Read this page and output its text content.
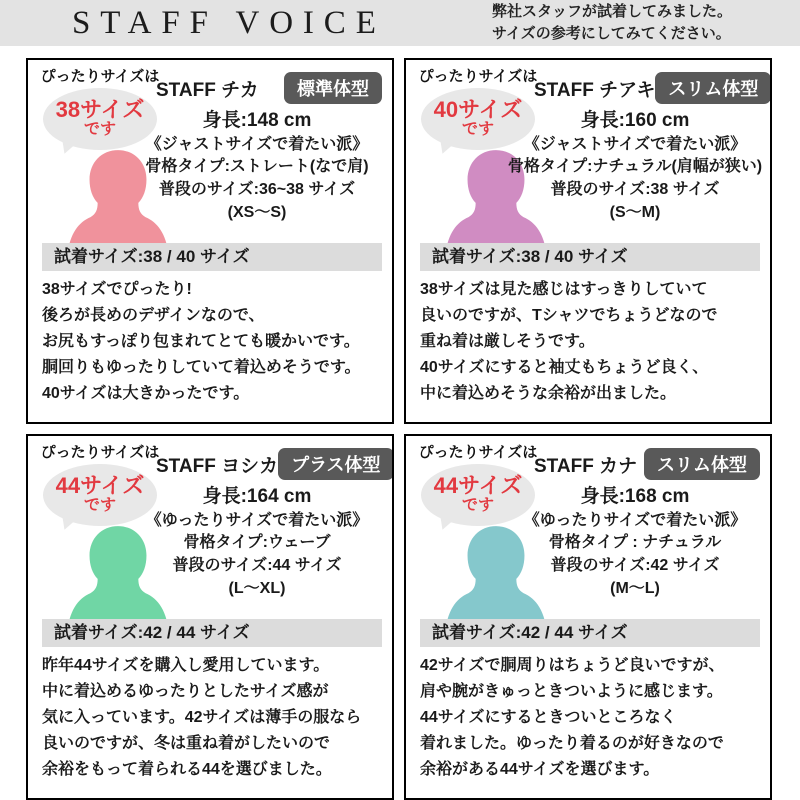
STAFF VOICE	弊社スタッフが試着してみました。
サイズの参考にしてみてください。
ぴったりサイズは
38サイズ
です
STAFF チカ	標準体型
身長:148 cm
《ジャストサイズで着たい派》
骨格タイプ:ストレート(なで肩)
普段のサイズ:36~38 サイズ
(XS〜S)
試着サイズ:38 / 40 サイズ
38サイズでぴったり!
後ろが長めのデザインなので、
お尻もすっぽり包まれてとても暖かいです。
胴回りもゆったりしていて着込めそうです。
40サイズは大きかったです。
ぴったりサイズは
40サイズ
です
STAFF チアキ スリム体型
身長:160 cm
《ジャストサイズで着たい派》
骨格タイプ:ナチュラル(肩幅が狭い)
普段のサイズ:38 サイズ
(S〜M)
試着サイズ:38 / 40 サイズ
38サイズは見た感じはすっきりしていて
良いのですが、Tシャツでちょうどなので
重ね着は厳しそうです。
40サイズにすると袖丈もちょうど良く、
中に着込めそうな余裕が出ました。
ぴったりサイズは
44サイズ
です
STAFF ヨシカ プラス体型
身長:164 cm
《ゆったりサイズで着たい派》
骨格タイプ:ウェーブ
普段のサイズ:44 サイズ
(L〜XL)
試着サイズ:42 / 44 サイズ
昨年44サイズを購入し愛用しています。
中に着込めるゆったりとしたサイズ感が
気に入っています。42サイズは薄手の服なら
良いのですが、冬は重ね着がしたいので
余裕をもって着られる44を選びました。
ぴったりサイズは
44サイズ
です
STAFF カナ	スリム体型
身長:168 cm
《ゆったりサイズで着たい派》
骨格タイプ : ナチュラル
普段のサイズ:42 サイズ
(M〜L)
試着サイズ:42 / 44 サイズ
42サイズで胴周りはちょうど良いですが、
肩や腕がきゅっときついように感じます。
44サイズにするときついところなく
着れました。ゆったり着るのが好きなので
余裕がある44サイズを選びます。
